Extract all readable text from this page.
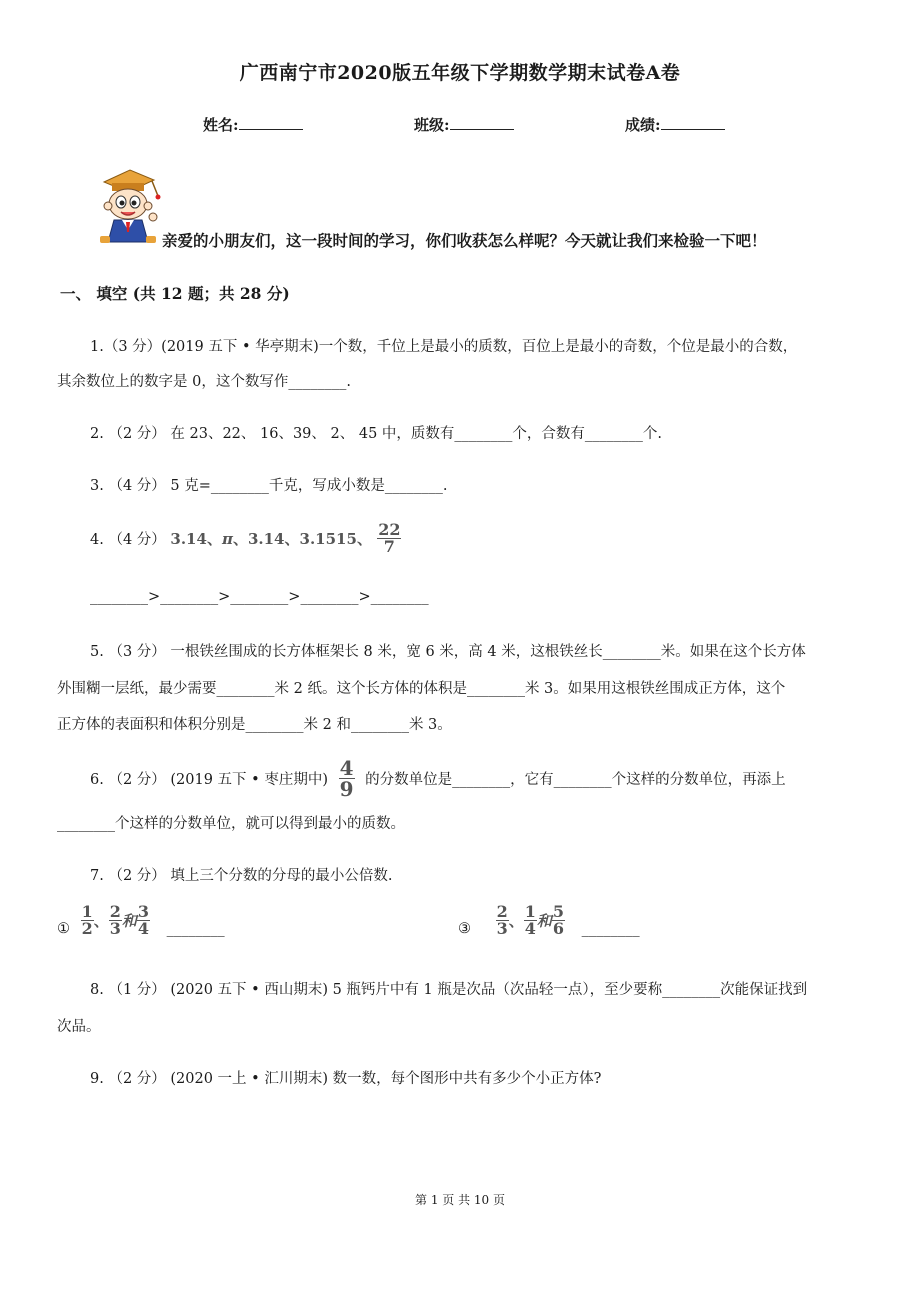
广西南宁市2020版五年级下学期数学期末试卷A卷
姓名:	班级:	成绩:
亲爱的小朋友们，这一段时间的学习，你们收获怎么样呢？今天就让我们来检验一下吧！
一、 填空 (共 12 题；共 28 分)
1.（3 分）(2019 五下 • 华亭期末)一个数，千位上是最小的质数，百位上是最小的奇数，个位是最小的合数，
其余数位上的数字是 0，这个数写作________.
2. （2 分） 在 23、22、 16、39、 2、 45 中，质数有________个，合数有________个.
3. （4 分） 5 克=________千克，写成小数是________.
4. （4 分） 3.14、π、3.14、3.1515、 $\frac{22}{7}$
________>________>________>________>________
5. （3 分） 一根铁丝围成的长方体框架长 8 米，宽 6 米，高 4 米，这根铁丝长________米。如果在这个长方体
外围糊一层纸，最少需要________米 2 纸。这个长方体的体积是________米 3。如果用这根铁丝围成正方体，这个
正方体的表面积和体积分别是________米 2 和________米 3。
6. （2 分） (2019 五下 • 枣庄期中) $\frac{4}{9}$ 的分数单位是________，它有________个这样的分数单位，再添上
________个这样的分数单位，就可以得到最小的质数。
7. （2 分） 填上三个分数的分母的最小公倍数.
① $\frac{1}{2}$ 、 $\frac{2}{3}$ 和 $\frac{3}{4}$ ________	③ $\frac{2}{3}$ 、 $\frac{1}{4}$ 和 $\frac{5}{6}$ ________
8. （1 分） (2020 五下 • 西山期末) 5 瓶钙片中有 1 瓶是次品（次品轻一点），至少要称________次能保证找到
次品。
9. （2 分） (2020 一上 • 汇川期末) 数一数，每个图形中共有多少个小正方体?
第 1 页 共 10 页
